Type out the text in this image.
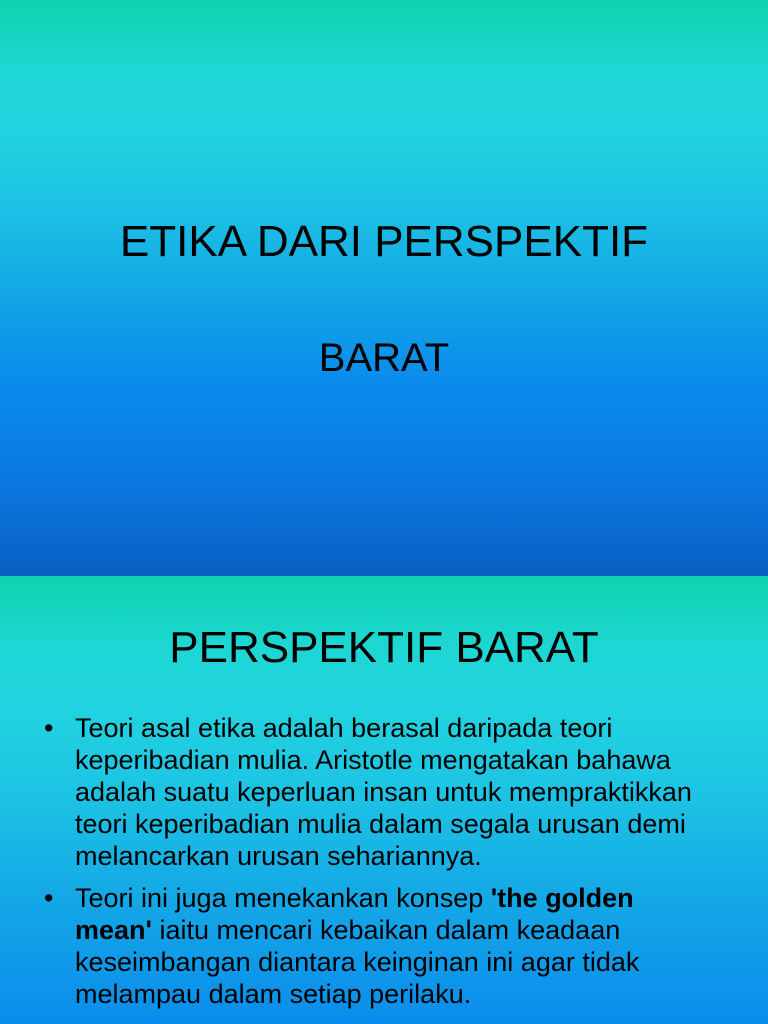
ETIKA DARI PERSPEKTIF
BARAT
PERSPEKTIF BARAT
• Teori asal etika adalah berasal daripada teori keperibadian mulia. Aristotle mengatakan bahawa adalah suatu keperluan insan untuk mempraktikkan teori keperibadian mulia dalam segala urusan demi melancarkan urusan sehariannya.
• Teori ini juga menekankan konsep 'the golden mean' iaitu mencari kebaikan dalam keadaan keseimbangan diantara keinginan ini agar tidak melampau dalam setiap perilaku.
